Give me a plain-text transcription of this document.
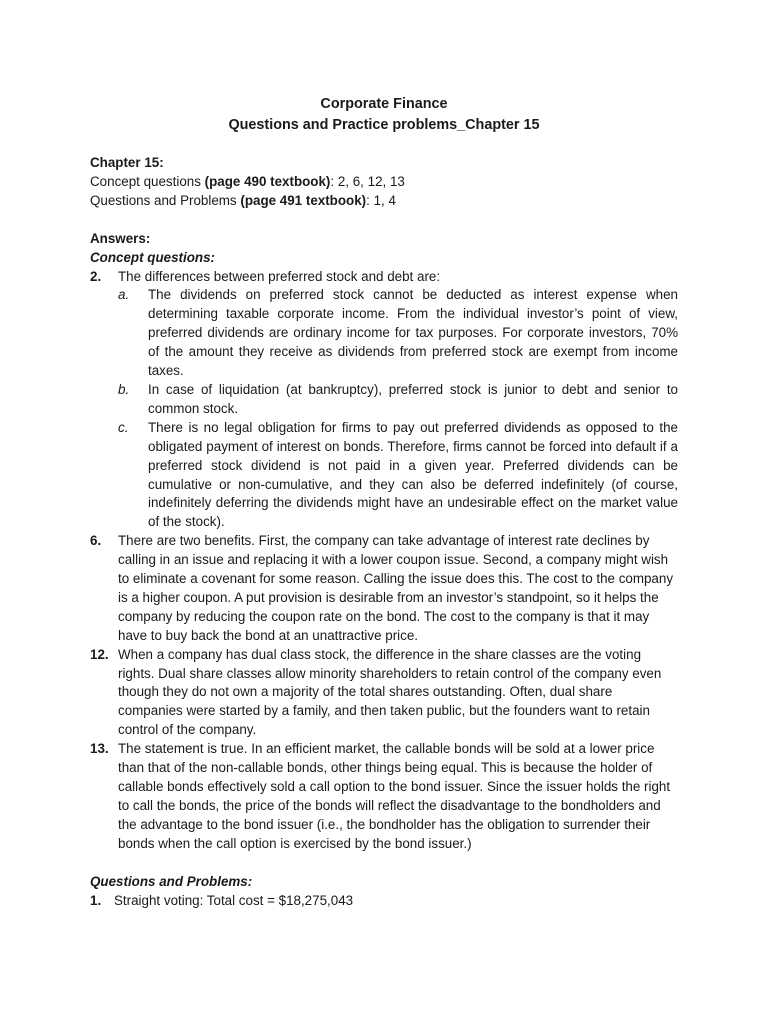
Corporate Finance
Questions and Practice problems_Chapter 15
Chapter 15:
Concept questions (page 490 textbook): 2, 6, 12, 13
Questions and Problems (page 491 textbook): 1, 4
Answers:
Concept questions:
2. The differences between preferred stock and debt are:
a. The dividends on preferred stock cannot be deducted as interest expense when determining taxable corporate income. From the individual investor’s point of view, preferred dividends are ordinary income for tax purposes. For corporate investors, 70% of the amount they receive as dividends from preferred stock are exempt from income taxes.
b. In case of liquidation (at bankruptcy), preferred stock is junior to debt and senior to common stock.
c. There is no legal obligation for firms to pay out preferred dividends as opposed to the obligated payment of interest on bonds. Therefore, firms cannot be forced into default if a preferred stock dividend is not paid in a given year. Preferred dividends can be cumulative or non-cumulative, and they can also be deferred indefinitely (of course, indefinitely deferring the dividends might have an undesirable effect on the market value of the stock).
6. There are two benefits. First, the company can take advantage of interest rate declines by calling in an issue and replacing it with a lower coupon issue. Second, a company might wish to eliminate a covenant for some reason. Calling the issue does this. The cost to the company is a higher coupon. A put provision is desirable from an investor’s standpoint, so it helps the company by reducing the coupon rate on the bond. The cost to the company is that it may have to buy back the bond at an unattractive price.
12. When a company has dual class stock, the difference in the share classes are the voting rights. Dual share classes allow minority shareholders to retain control of the company even though they do not own a majority of the total shares outstanding. Often, dual share companies were started by a family, and then taken public, but the founders want to retain control of the company.
13. The statement is true. In an efficient market, the callable bonds will be sold at a lower price than that of the non-callable bonds, other things being equal. This is because the holder of callable bonds effectively sold a call option to the bond issuer. Since the issuer holds the right to call the bonds, the price of the bonds will reflect the disadvantage to the bondholders and the advantage to the bond issuer (i.e., the bondholder has the obligation to surrender their bonds when the call option is exercised by the bond issuer.)
Questions and Problems:
1. Straight voting: Total cost = $18,275,043
